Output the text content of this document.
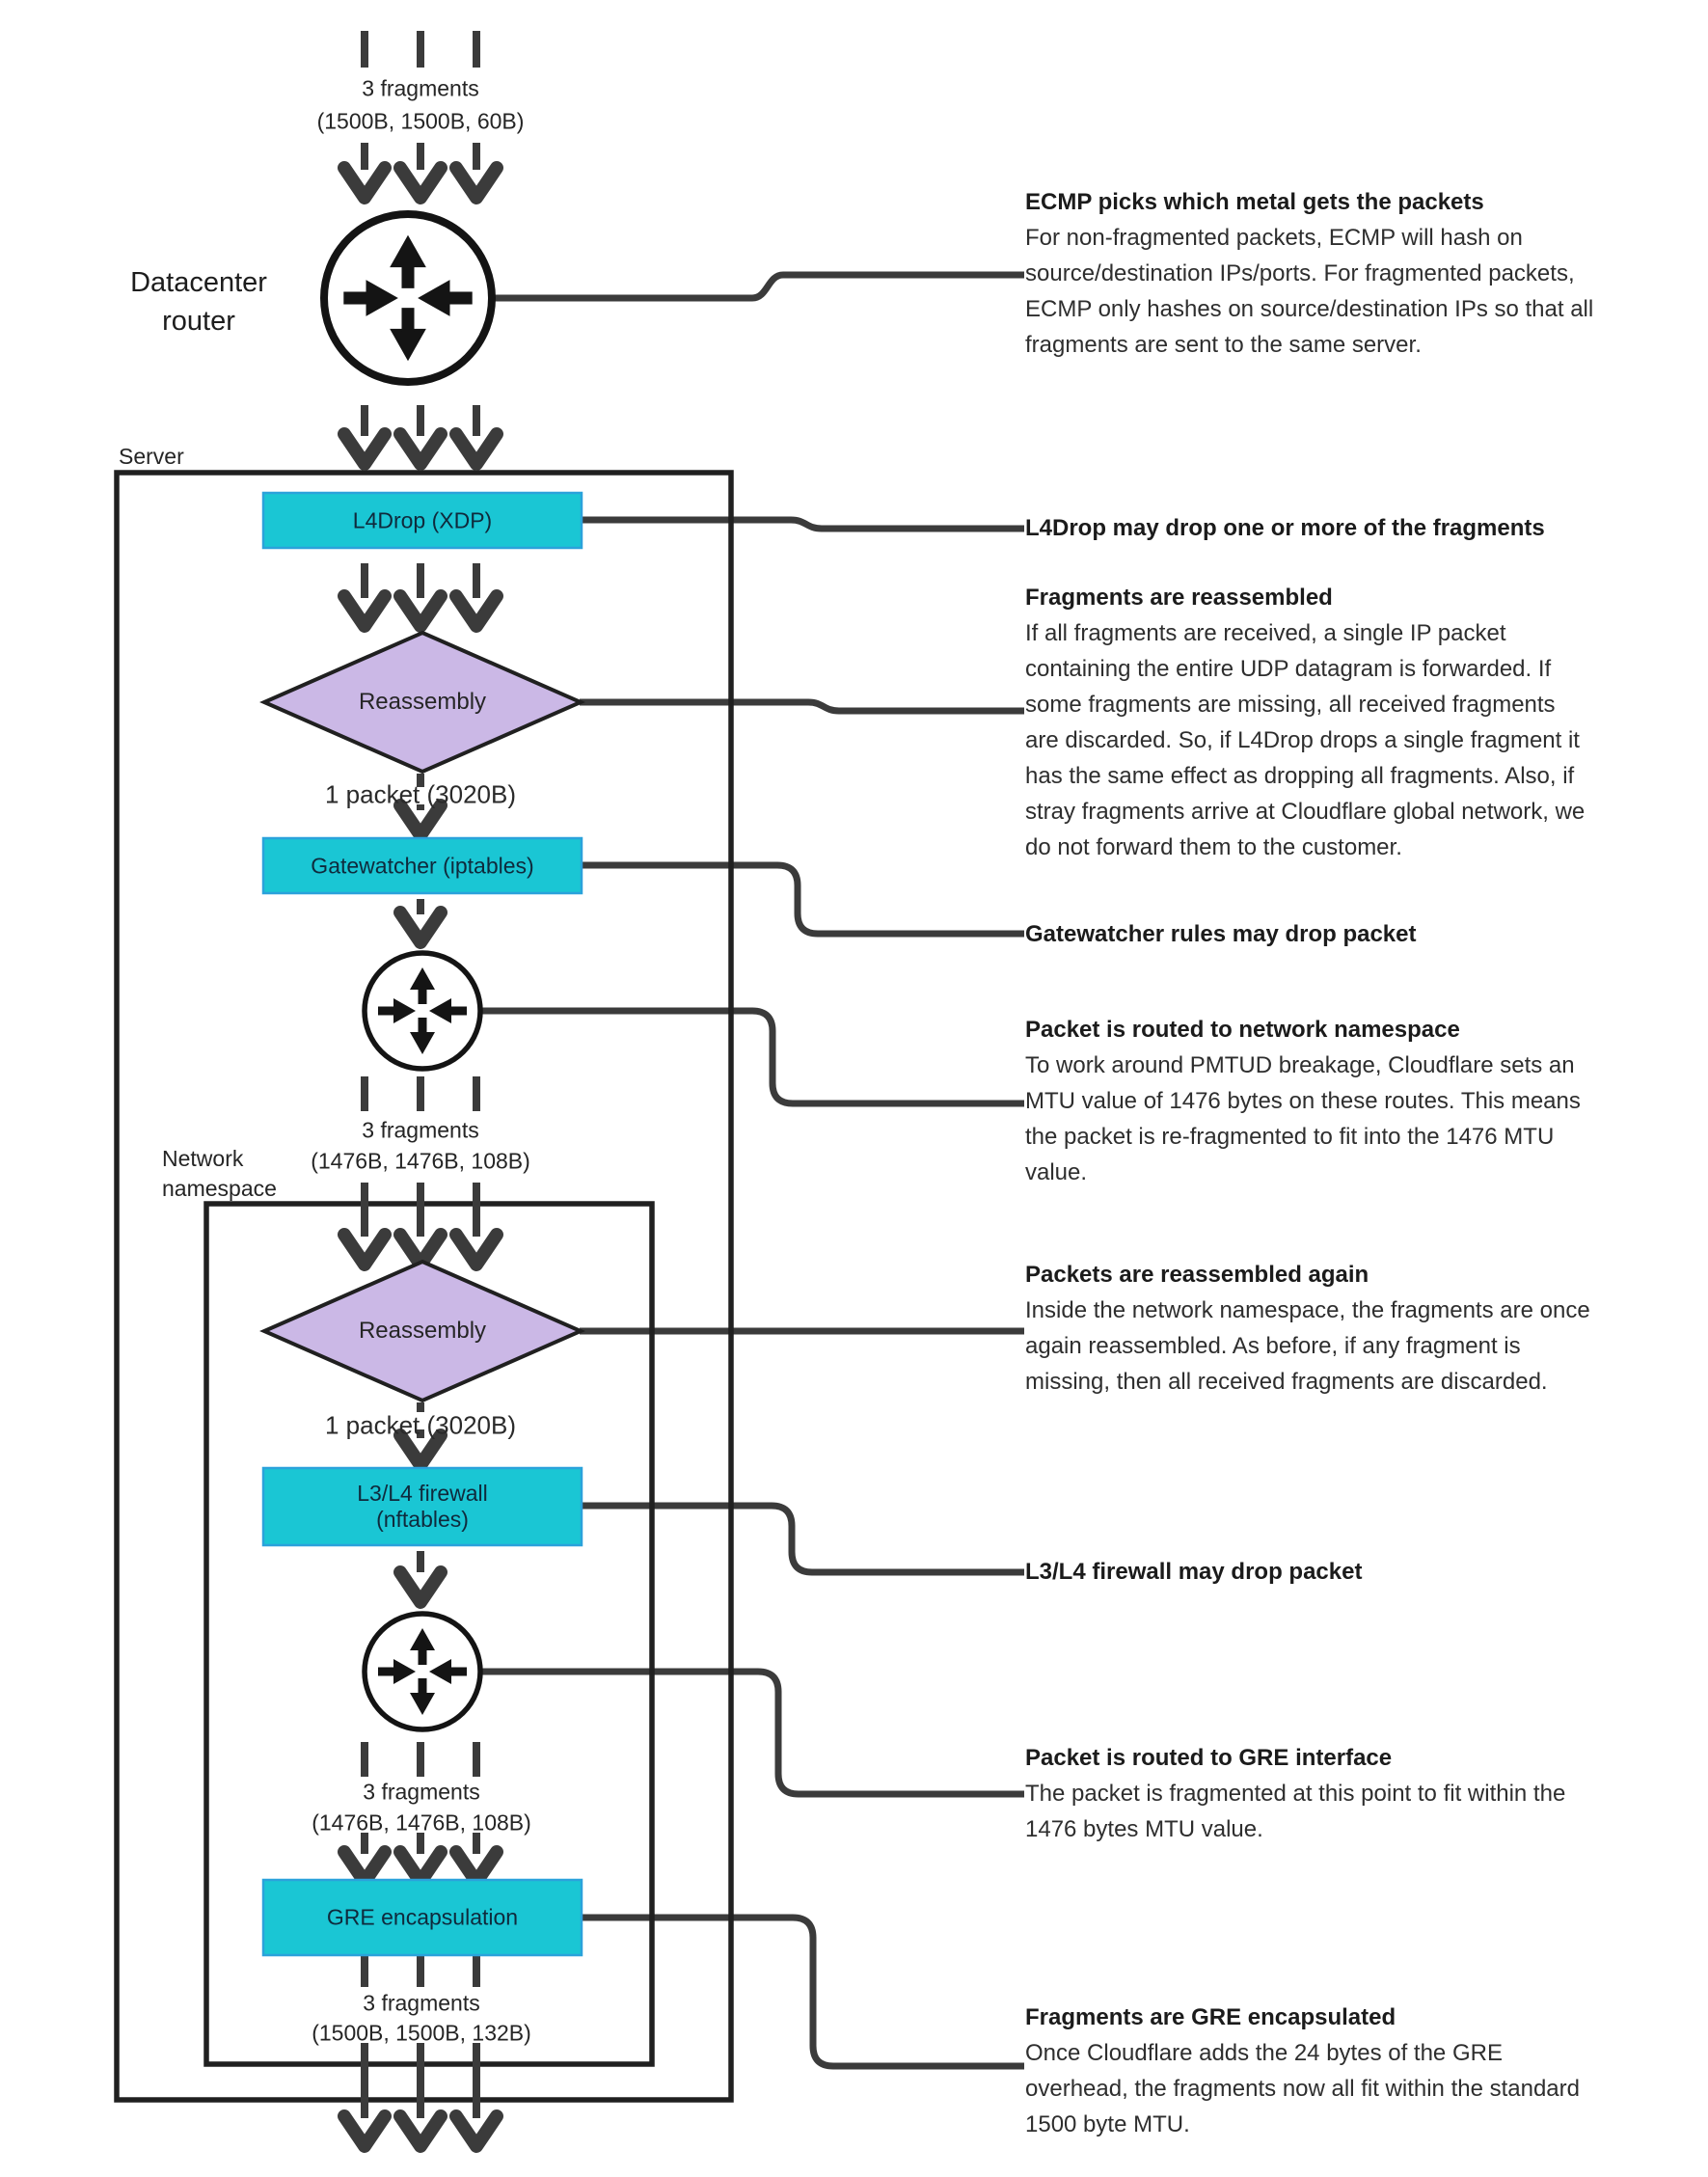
3 fragments
(1500B, 1500B, 60B)
Datacenter
router
Server
L4Drop (XDP)
Reassembly
1 packet (3020B)
Gatewatcher (iptables)
3 fragments
(1476B, 1476B, 108B)
Network
namespace
Reassembly
1 packet (3020B)
L3/L4 firewall
(nftables)
3 fragments
(1476B, 1476B, 108B)
GRE encapsulation
3 fragments
(1500B, 1500B, 132B)
ECMP picks which metal gets the packets
For non-fragmented packets, ECMP will hash on
source/destination IPs/ports. For fragmented packets,
ECMP only hashes on source/destination IPs so that all
fragments are sent to the same server.
L4Drop may drop one or more of the fragments
Fragments are reassembled
If all fragments are received, a single IP packet
containing the entire UDP datagram is forwarded. If
some fragments are missing, all received fragments
are discarded. So, if L4Drop drops a single fragment it
has the same effect as dropping all fragments. Also, if
stray fragments arrive at Cloudflare global network, we
do not forward them to the customer.
Gatewatcher rules may drop packet
Packet is routed to network namespace
To work around PMTUD breakage, Cloudflare sets an
MTU value of 1476 bytes on these routes. This means
the packet is re-fragmented to fit into the 1476 MTU
value.
Packets are reassembled again
Inside the network namespace, the fragments are once
again reassembled. As before, if any fragment is
missing, then all received fragments are discarded.
L3/L4 firewall may drop packet
Packet is routed to GRE interface
The packet is fragmented at this point to fit within the
1476 bytes MTU value.
Fragments are GRE encapsulated
Once Cloudflare adds the 24 bytes of the GRE
overhead, the fragments now all fit within the standard
1500 byte MTU.
